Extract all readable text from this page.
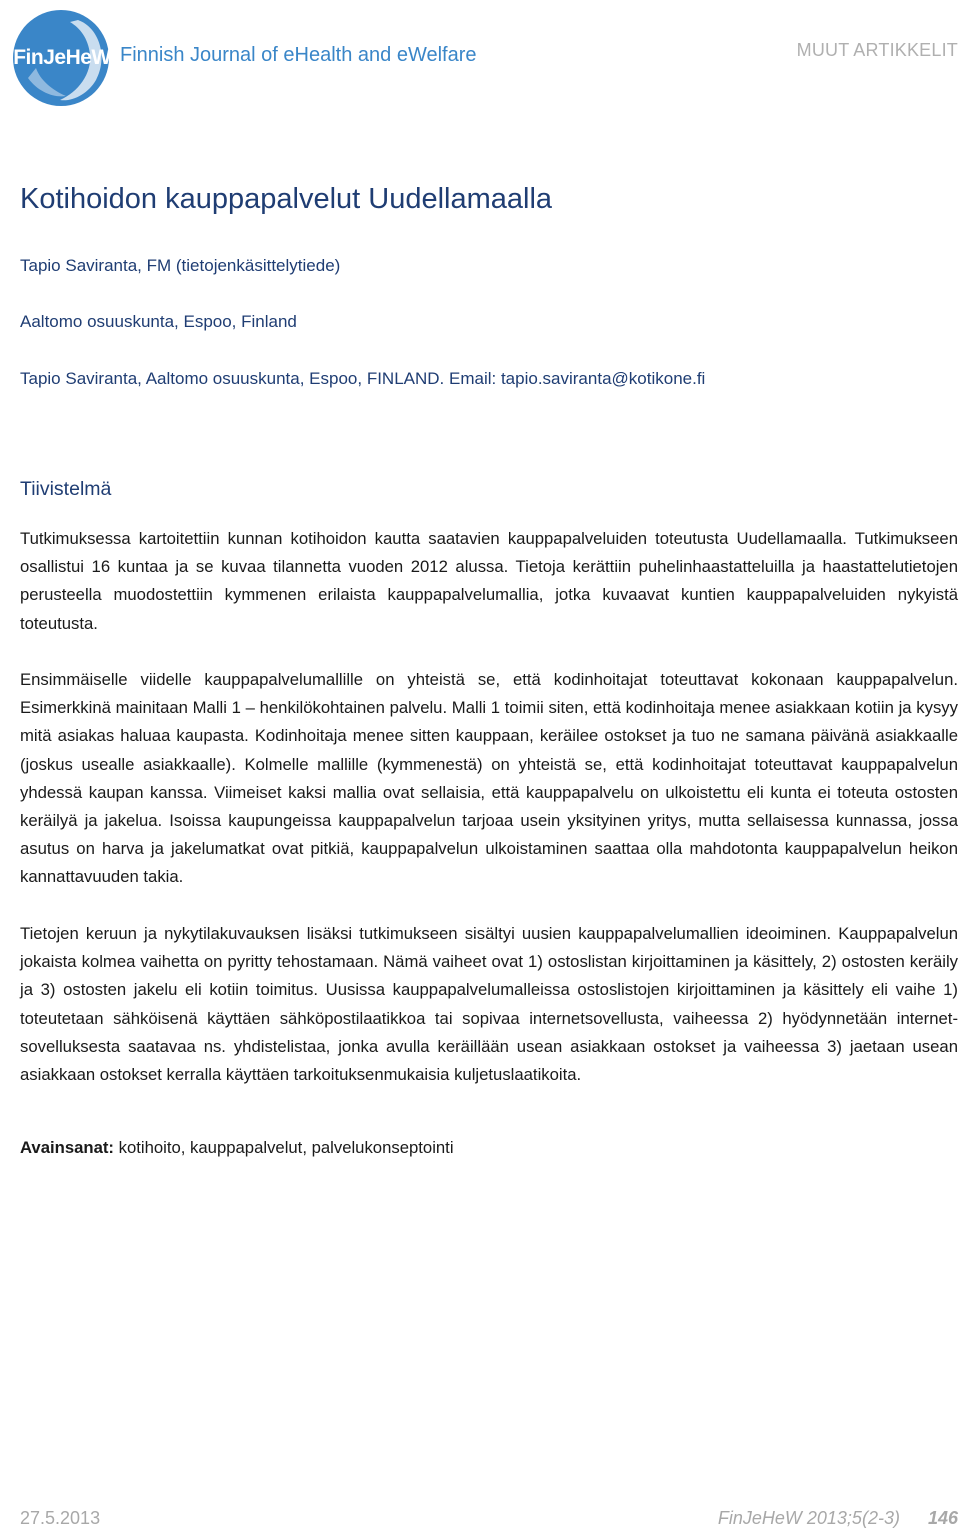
FinJeHeW Finnish Journal of eHealth and eWelfare	MUUT ARTIKKELIT
Kotihoidon kauppapalvelut Uudellamaalla
Tapio Saviranta, FM (tietojenkäsittelytiede)
Aaltomo osuuskunta, Espoo, Finland
Tapio Saviranta, Aaltomo osuuskunta, Espoo, FINLAND. Email: tapio.saviranta@kotikone.fi
Tiivistelmä

Tutkimuksessa kartoitettiin kunnan kotihoidon kautta saatavien kauppapalveluiden toteutusta Uudellamaalla. Tutkimukseen osallistui 16 kuntaa ja se kuvaa tilannetta vuoden 2012 alussa. Tietoja kerättiin puhelinhaastatteluilla ja haastattelutietojen perusteella muodostettiin kymmenen erilaista kauppapalvelumallia, jotka kuvaavat kuntien kauppapalveluiden nykyistä toteutusta.

Ensimmäiselle viidelle kauppapalvelumallille on yhteistä se, että kodinhoitajat toteuttavat kokonaan kauppapalvelun. Esimerkkinä mainitaan Malli 1 – henkilökohtainen palvelu. Malli 1 toimii siten, että kodinhoitaja menee asiakkaan kotiin ja kysyy mitä asiakas haluaa kaupasta. Kodinhoitaja menee sitten kauppaan, keräilee ostokset ja tuo ne samana päivänä asiakkaalle (joskus usealle asiakkaalle). Kolmelle mallille (kymmenestä) on yhteistä se, että kodinhoitajat toteuttavat kauppapalvelun yhdessä kaupan kanssa. Viimeiset kaksi mallia ovat sellaisia, että kauppapalvelu on ulkoistettu eli kunta ei toteuta ostosten keräilyä ja jakelua. Isoissa kaupungeissa kauppapalvelun tarjoaa usein yksityinen yritys, mutta sellaisessa kunnassa, jossa asutus on harva ja jakelumatkat ovat pitkiä, kauppapalvelun ulkoistaminen saattaa olla mahdotonta kauppapalvelun heikon kannattavuuden takia.

Tietojen keruun ja nykytilakuvauksen lisäksi tutkimukseen sisältyi uusien kauppapalvelumallien ideoiminen. Kauppapalvelun jokaista kolmea vaihetta on pyritty tehostamaan. Nämä vaiheet ovat 1) ostoslistan kirjoittaminen ja käsittely, 2) ostosten keräily ja 3) ostosten jakelu eli kotiin toimitus. Uusissa kauppapalvelumalleissa ostoslistojen kirjoittaminen ja käsittely eli vaihe 1) toteutetaan sähköisenä käyttäen sähköpostilaatikkoa tai sopivaa internetsovellusta, vaiheessa 2) hyödynnetään internet-sovelluksesta saatavaa ns. yhdistelistaa, jonka avulla keräillään usean asiakkaan ostokset ja vaiheessa 3) jaetaan usean asiakkaan ostokset kerralla käyttäen tarkoituksenmukaisia kuljetuslaatikoita.

Avainsanat: kotihoito, kauppapalvelut, palvelukonseptointi
27.5.2013	FinJeHeW 2013;5(2-3) 146
